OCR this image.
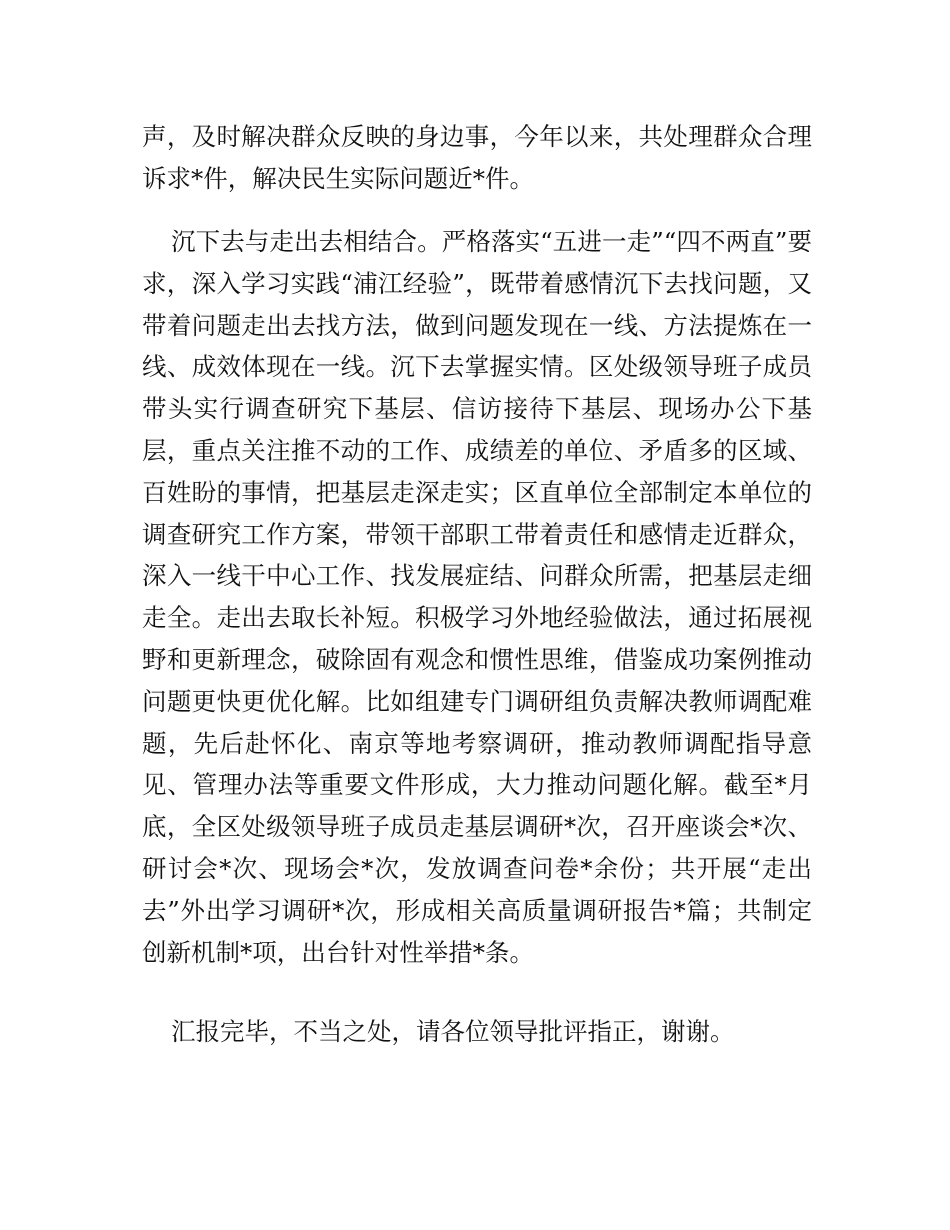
声，及时解决群众反映的身边事，今年以来，共处理群众合理诉求*件，解决民生实际问题近*件。

沉下去与走出去相结合。严格落实“五进一走”“四不两直”要求，深入学习实践“浦江经验”，既带着感情沉下去找问题，又带着问题走出去找方法，做到问题发现在一线、方法提炼在一线、成效体现在一线。沉下去掌握实情。区处级领导班子成员带头实行调查研究下基层、信访接待下基层、现场办公下基层，重点关注推不动的工作、成绩差的单位、矛盾多的区域、百姓盼的事情，把基层走深走实；区直单位全部制定本单位的调查研究工作方案，带领干部职工带着责任和感情走近群众，深入一线干中心工作、找发展症结、问群众所需，把基层走细走全。走出去取长补短。积极学习外地经验做法，通过拓展视野和更新理念，破除固有观念和惯性思维，借鉴成功案例推动问题更快更优化解。比如组建专门调研组负责解决教师调配难题，先后赴怀化、南京等地考察调研，推动教师调配指导意见、管理办法等重要文件形成，大力推动问题化解。截至*月底，全区处级领导班子成员走基层调研*次，召开座谈会*次、研讨会*次、现场会*次，发放调查问卷*余份；共开展“走出去”外出学习调研*次，形成相关高质量调研报告*篇；共制定创新机制*项，出台针对性举措*条。

汇报完毕，不当之处，请各位领导批评指正，谢谢。
